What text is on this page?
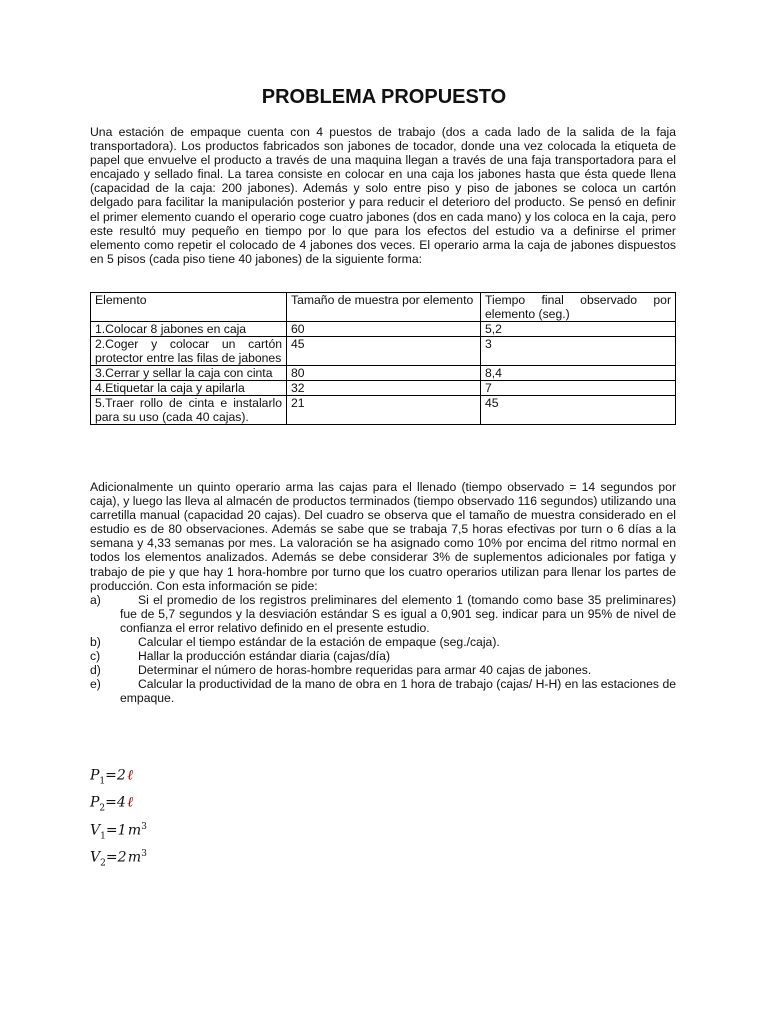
PROBLEMA PROPUESTO
Una estación de empaque cuenta con 4 puestos de trabajo (dos a cada lado de la salida de la faja transportadora). Los productos fabricados son jabones de tocador, donde una vez colocada la etiqueta de papel que envuelve el producto a través de una maquina llegan a través de una faja transportadora para el encajado y sellado final. La tarea consiste en colocar en una caja los jabones hasta que ésta quede llena (capacidad de la caja: 200 jabones). Además y solo entre piso y piso de jabones se coloca un cartón delgado para facilitar la manipulación posterior y para reducir el deterioro del producto. Se pensó en definir el primer elemento cuando el operario coge cuatro jabones (dos en cada mano) y los coloca en la caja, pero este resultó muy pequeño en tiempo por lo que para los efectos del estudio va a definirse el primer elemento como repetir el colocado de 4 jabones dos veces. El operario arma la caja de jabones dispuestos en 5 pisos (cada piso tiene 40 jabones) de la siguiente forma:
Elemento	Tamaño de muestra por elemento	Tiempo final observado por elemento (seg.)
1.Colocar 8 jabones en caja	60	5,2
2.Coger y colocar un cartón protector entre las filas de jabones	45	3
3.Cerrar y sellar la caja con cinta	80	8,4
4.Etiquetar la caja y apilarla	32	7
5.Traer rollo de cinta e instalarlo para su uso (cada 40 cajas).	21	45

Adicionalmente un quinto operario arma las cajas para el llenado (tiempo observado = 14 segundos por caja), y luego las lleva al almacén de productos terminados (tiempo observado 116 segundos) utilizando una carretilla manual (capacidad 20 cajas). Del cuadro se observa que el tamaño de muestra considerado en el estudio es de 80 observaciones. Además se sabe que se trabaja 7,5 horas efectivas por turn o 6 días a la semana y 4,33 semanas por mes. La valoración se ha asignado como 10% por encima del ritmo normal en todos los elementos analizados. Además se debe considerar 3% de suplementos adicionales por fatiga y trabajo de pie y que hay 1 hora-hombre por turno que los cuatro operarios utilizan para llenar los partes de producción. Con esta información se pide:

a)	Si el promedio de los registros preliminares del elemento 1 (tomando como base 35 preliminares) fue de 5,7 segundos y la desviación estándar S es igual a 0,901 seg. indicar para un 95% de nivel de confianza el error relativo definido en el presente estudio.
b)	Calcular el tiempo estándar de la estación de empaque (seg./caja).
c)	Hallar la producción estándar diaria (cajas/día)
d)	Determinar el número de horas-hombre requeridas para armar 40 cajas de jabones.
e)	Calcular la productividad de la mano de obra en 1 hora de trabajo (cajas/ H-H) en las estaciones de empaque.
$P_1=2$ ℓ
$P_2=4$ ℓ
$V_1=1$ $m^3$
$V_2=2$ $m^3$
